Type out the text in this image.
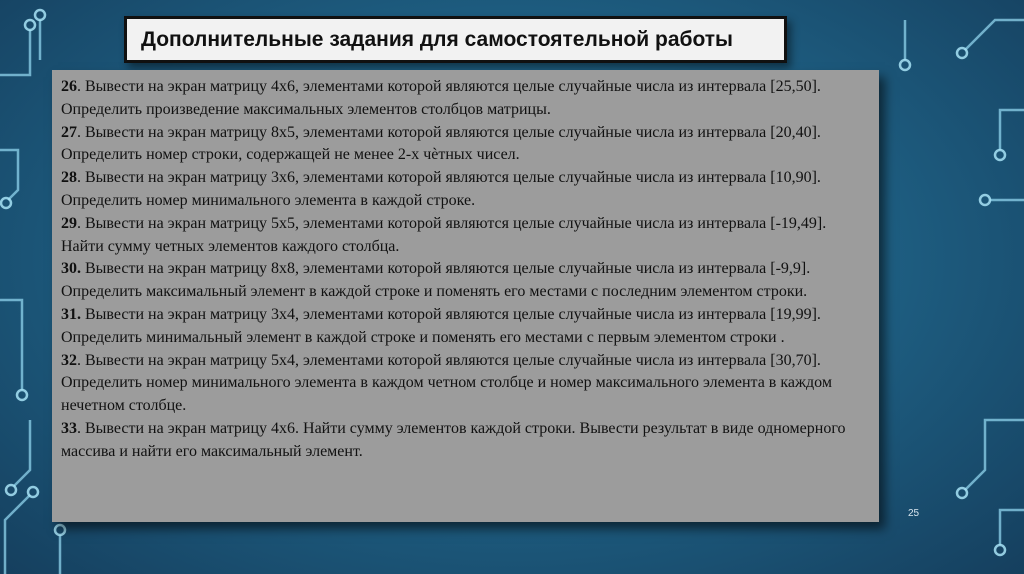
Дополнительные задания для самостоятельной работы

26. Вывести на экран матрицу 4х6, элементами которой являются целые случайные числа из интервала [25,50]. Определить произведение максимальных элементов столбцов матрицы.

27. Вывести на экран матрицу 8х5, элементами которой являются целые случайные числа из интервала [20,40]. Определить номер строки, содержащей не менее 2-х чѐтных чисел.

28. Вывести на экран матрицу 3х6, элементами которой являются целые случайные числа из интервала [10,90]. Определить номер минимального элемента в каждой строке.

29. Вывести на экран матрицу 5х5, элементами которой являются целые случайные числа из интервала [-19,49]. Найти сумму четных элементов каждого столбца.

30. Вывести на экран матрицу 8х8, элементами которой являются целые случайные числа из интервала [-9,9]. Определить максимальный элемент в каждой строке и поменять его местами с последним элементом строки.

31. Вывести на экран матрицу 3х4, элементами которой являются целые случайные числа из интервала [19,99]. Определить минимальный элемент в каждой строке и поменять его местами с первым элементом строки .

32. Вывести на экран матрицу 5х4, элементами которой являются целые случайные числа из интервала [30,70]. Определить номер минимального элемента в каждом четном столбце и номер максимального элемента в каждом нечетном столбце.

33. Вывести на экран матрицу 4х6. Найти сумму элементов каждой строки. Вывести результат в виде одномерного массива и найти его максимальный элемент.

25
